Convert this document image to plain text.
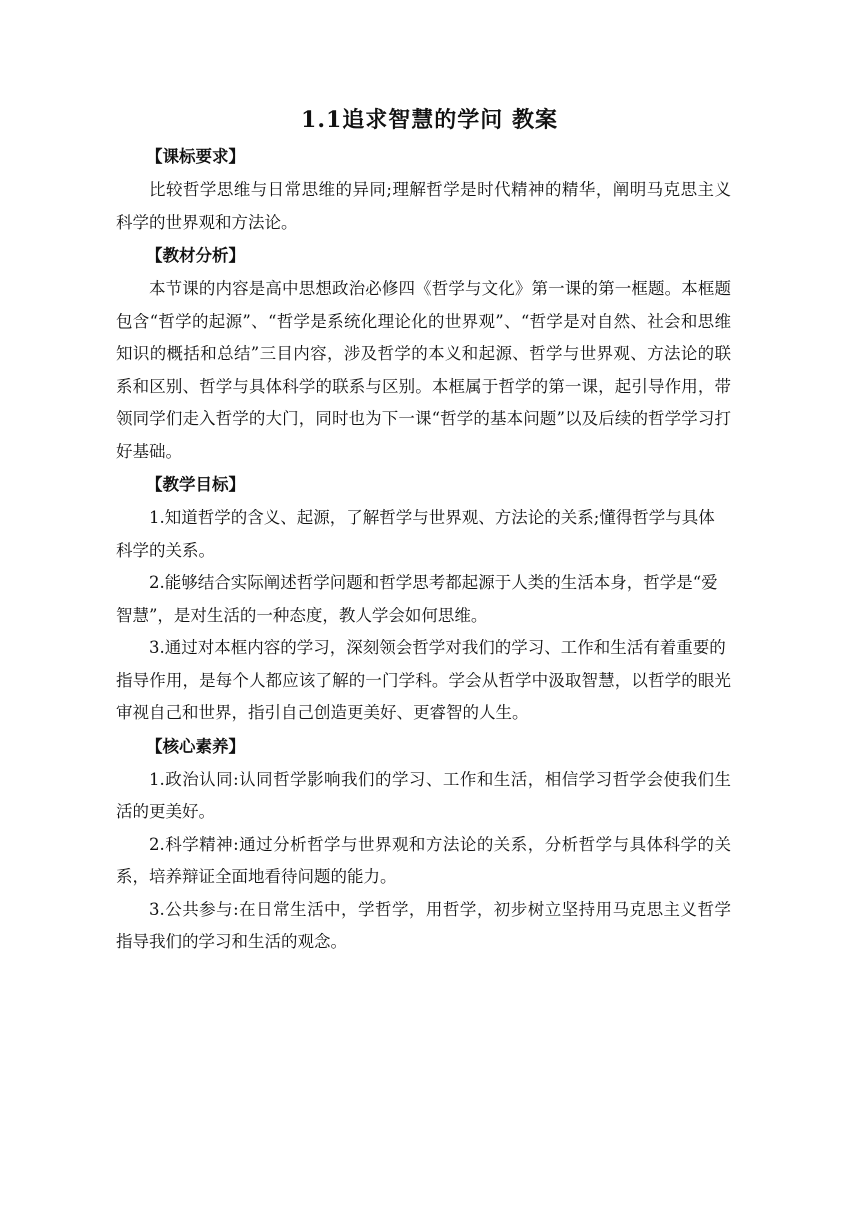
1.1追求智慧的学问 教案
【课标要求】

比较哲学思维与日常思维的异同;理解哲学是时代精神的精华，阐明马克思主义科学的世界观和方法论。

【教材分析】

本节课的内容是高中思想政治必修四《哲学与文化》第一课的第一框题。本框题包含“哲学的起源”、“哲学是系统化理论化的世界观”、“哲学是对自然、社会和思维知识的概括和总结”三目内容，涉及哲学的本义和起源、哲学与世界观、方法论的联系和区别、哲学与具体科学的联系与区别。本框属于哲学的第一课，起引导作用，带领同学们走入哲学的大门，同时也为下一课“哲学的基本问题”以及后续的哲学学习打好基础。

【教学目标】
1.知道哲学的含义、起源，了解哲学与世界观、方法论的关系;懂得哲学与具体

科学的关系。

2.能够结合实际阐述哲学问题和哲学思考都起源于人类的生活本身，哲学是“爱

智慧”，是对生活的一种态度，教人学会如何思维。

3.通过对本框内容的学习，深刻领会哲学对我们的学习、工作和生活有着重要的

指导作用，是每个人都应该了解的一门学科。学会从哲学中汲取智慧，以哲学的眼光审视自己和世界，指引自己创造更美好、更睿智的人生。

【核心素养】

1.政治认同:认同哲学影响我们的学习、工作和生活，相信学习哲学会使我们生活的更美好。

2.科学精神:通过分析哲学与世界观和方法论的关系，分析哲学与具体科学的关系，培养辩证全面地看待问题的能力。

3.公共参与:在日常生活中，学哲学，用哲学，初步树立坚持用马克思主义哲学指导我们的学习和生活的观念。
